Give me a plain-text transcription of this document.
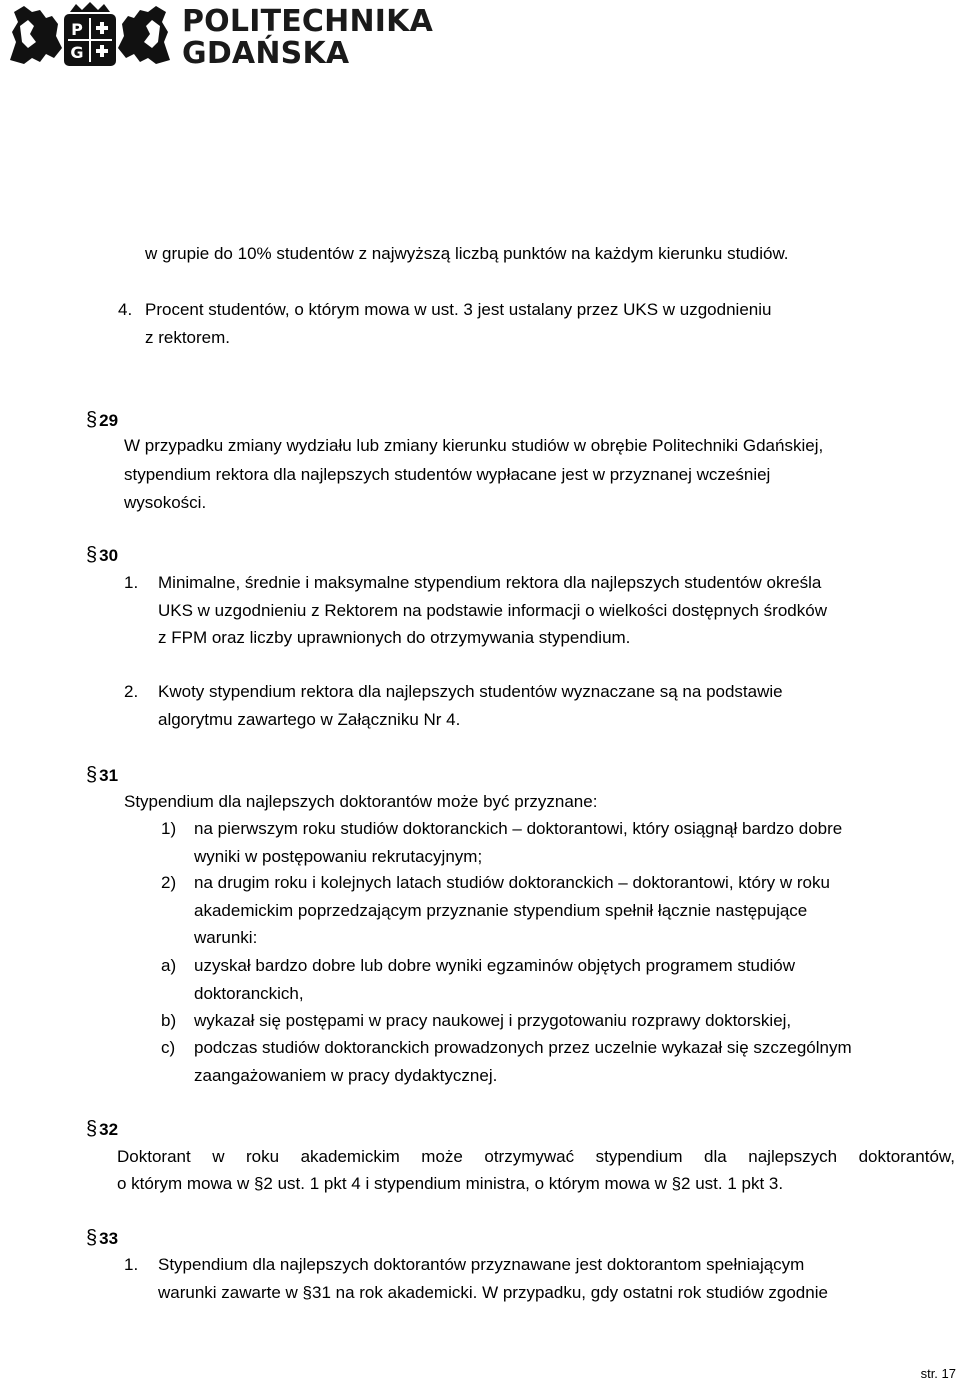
P
G
POLITECHNIKA
GDAŃSKA
w grupie do 10% studentów z najwyższą liczbą punktów na każdym kierunku studiów.
4. Procent studentów, o którym mowa w ust. 3 jest ustalany przez UKS w uzgodnieniu
z rektorem.
§ 29
W przypadku zmiany wydziału lub zmiany kierunku studiów w obrębie Politechniki Gdańskiej,
stypendium rektora dla najlepszych studentów wypłacane jest w przyznanej wcześniej
wysokości.
§ 30
1. Minimalne, średnie i maksymalne stypendium rektora dla najlepszych studentów określa
UKS w uzgodnieniu z Rektorem na podstawie informacji o wielkości dostępnych środków
z FPM oraz liczby uprawnionych do otrzymywania stypendium.
2. Kwoty stypendium rektora dla najlepszych studentów wyznaczane są na podstawie
algorytmu zawartego w Załączniku Nr 4.
§ 31
Stypendium dla najlepszych doktorantów może być przyznane:
1) na pierwszym roku studiów doktoranckich – doktorantowi, który osiągnął bardzo dobre
wyniki w postępowaniu rekrutacyjnym;
2) na drugim roku i kolejnych latach studiów doktoranckich – doktorantowi, który w roku
akademickim poprzedzającym przyznanie stypendium spełnił łącznie następujące
warunki:
a) uzyskał bardzo dobre lub dobre wyniki egzaminów objętych programem studiów
doktoranckich,
b) wykazał się postępami w pracy naukowej i przygotowaniu rozprawy doktorskiej,
c) podczas studiów doktoranckich prowadzonych przez uczelnie wykazał się szczególnym
zaangażowaniem w pracy dydaktycznej.
§ 32
Doktorant w roku akademickim może otrzymywać stypendium dla najlepszych doktorantów,
o którym mowa w §2 ust. 1 pkt 4 i stypendium ministra, o którym mowa w §2 ust. 1 pkt 3.
§ 33
1. Stypendium dla najlepszych doktorantów przyznawane jest doktorantom spełniającym
warunki zawarte w §31 na rok akademicki. W przypadku, gdy ostatni rok studiów zgodnie
str. 17
